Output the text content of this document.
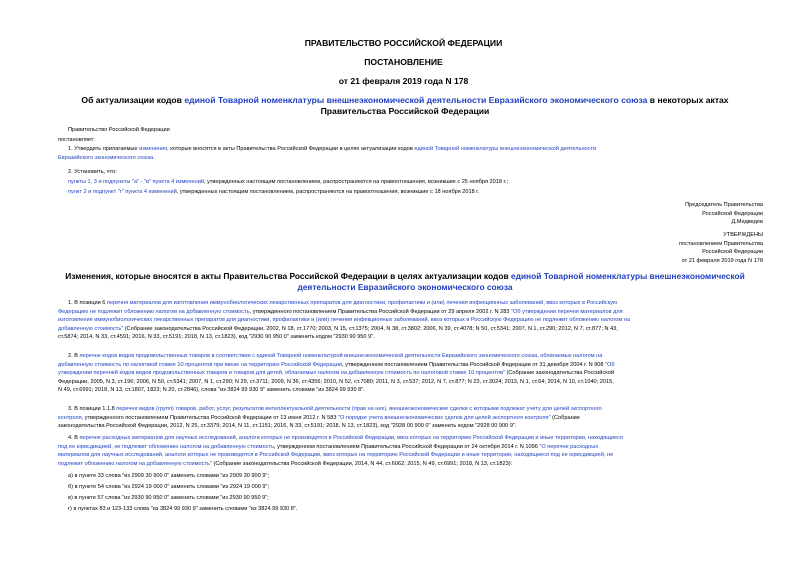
ПРАВИТЕЛЬСТВО РОССИЙСКОЙ ФЕДЕРАЦИИ
ПОСТАНОВЛЕНИЕ
от 21 февраля 2019 года N 178
Об актуализации кодов единой Товарной номенклатуры внешнеэкономической деятельности Евразийского экономического союза в некоторых актах
Правительства Российской Федерации
Правительство Российской Федерации
постановляет:
1. Утвердить прилагаемые изменения, которые вносятся в акты Правительства Российской Федерации в целях актуализации кодов единой Товарной номенклатуры внешнеэкономической деятельности
Евразийского экономического союза.
2. Установить, что:
пункты 1, 3 и подпункты "а" - "в" пункта 4 изменений, утвержденных настоящим постановлением, распространяются на правоотношения, возникшие с 25 ноября 2018 г.;
пункт 2 и подпункт "г" пункта 4 изменений, утвержденных настоящим постановлением, распространяются на правоотношения, возникшие с 18 ноября 2018 г.
Председатель Правительства
Российской Федерации
Д.Медведев
УТВЕРЖДЕНЫ
постановлением Правительства
Российской Федерации
от 21 февраля 2019 года N 178
Изменения, которые вносятся в акты Правительства Российской Федерации в целях актуализации кодов единой Товарной номенклатуры внешнеэкономической
деятельности Евразийского экономического союза
1. В позиции 6 перечня материалов для изготовления иммунобиологических лекарственных препаратов для диагностики, профилактики и (или) лечения инфекционных заболеваний, ввоз которых в Российскую
Федерацию не подлежит обложению налогом на добавленную стоимость, утвержденного постановлением Правительства Российской Федерации от 29 апреля 2002 г. N 283 "Об утверждении перечня материалов для
изготовления иммунобиологических лекарственных препаратов для диагностики, профилактики и (или) лечения инфекционных заболеваний, ввоз которых в Российскую Федерацию не подлежит обложению налогом на
добавленную стоимость" (Собрание законодательства Российской Федерации, 2002, N 18, ст.1770; 2003, N 15, ст.1375; 2004, N 38, ст.3802; 2006, N 39, ст.4078; N 50, ст.5341; 2007, N 1, ст.290; 2012, N 7, ст.877; N 43,
ст.5874; 2014, N 33, ст.4591; 2016, N 33, ст.5191; 2018, N 13, ст.1823), код "2930 90 950 0" заменить кодом "2930 90 950 9".
2. В перечне кодов видов продовольственных товаров в соответствии с единой Товарной номенклатурой внешнеэкономической деятельности Евразийского экономического союза, облагаемых налогом на
добавленную стоимость по налоговой ставке 10 процентов при ввозе на территорию Российской Федерации, утвержденном постановлением Правительства Российской Федерации от 31 декабря 2004 г. N 908 "Об
утверждении перечней кодов видов продовольственных товаров и товаров для детей, облагаемых налогом на добавленную стоимость по налоговой ставке 10 процентов" (Собрание законодательства Российской
Федерации, 2005, N 3, ст.196; 2006, N 50, ст.5341; 2007, N 1, ст.290; N 29, ст.3711; 2009, N 36, ст.4356; 2010, N 52, ст.7080; 2011, N 3, ст.537; 2012, N 7, ст.877; N 23, ст.3024; 2013, N 1, ст.64; 2014, N 10, ст.1040; 2015,
N 49, ст.6991; 2018, N 13, ст.1807, 1823; N 20, ст.2846), слова "из 3824 99 930 9" заменить словами "из 3824 99 930 8".
3. В позиции 1.1.8 перечня видов (групп) товаров, работ, услуг, результатов интеллектуальной деятельности (прав на них), внешнеэкономические сделки с которыми подлежат учету для целей экспортного
контроля, утвержденного постановлением Правительства Российской Федерации от 13 июня 2012 г. N 583 "О порядке учета внешнеэкономических сделок для целей экспортного контроля" (Собрание
законодательства Российской Федерации, 2012, N 25, ст.3379; 2014, N 11, ст.1151; 2016, N 33, ст.5191; 2018, N 13, ст.1823), код "2928 00 900 0" заменить кодом "2928 00 900 9".
4. В перечне расходных материалов для научных исследований, аналоги которых не производятся в Российской Федерации, ввоз которых на территорию Российской Федерации и иные территории, находящиеся
под ее юрисдикцией, не подлежит обложению налогом на добавленную стоимость, утвержденном постановлением Правительства Российской Федерации от 24 октября 2014 г. N 1096 "О перечне расходных
материалов для научных исследований, аналоги которых не производятся в Российской Федерации, ввоз которых на территорию Российской Федерации и иные территории, находящиеся под ее юрисдикцией, не
подлежит обложению налогом на добавленную стоимость" (Собрание законодательства Российской Федерации, 2014, N 44, ст.6062; 2015, N 49, ст.6991; 2018, N 13, ст.1823):
а) в пункте 33 слова "из 2909 30 900 0" заменить словами "из 2909 30 900 9";
б) в пункте 54 слова "из 2924 19 000 0" заменить словами "из 2924 19 000 9";
в) в пункте 57 слова "из 2930 90 950 0" заменить словами "из 2930 90 950 9";
г) в пунктах 83 и 123-133 слова "из 3824 99 930 9" заменить словами "из 3824 99 930 8".
